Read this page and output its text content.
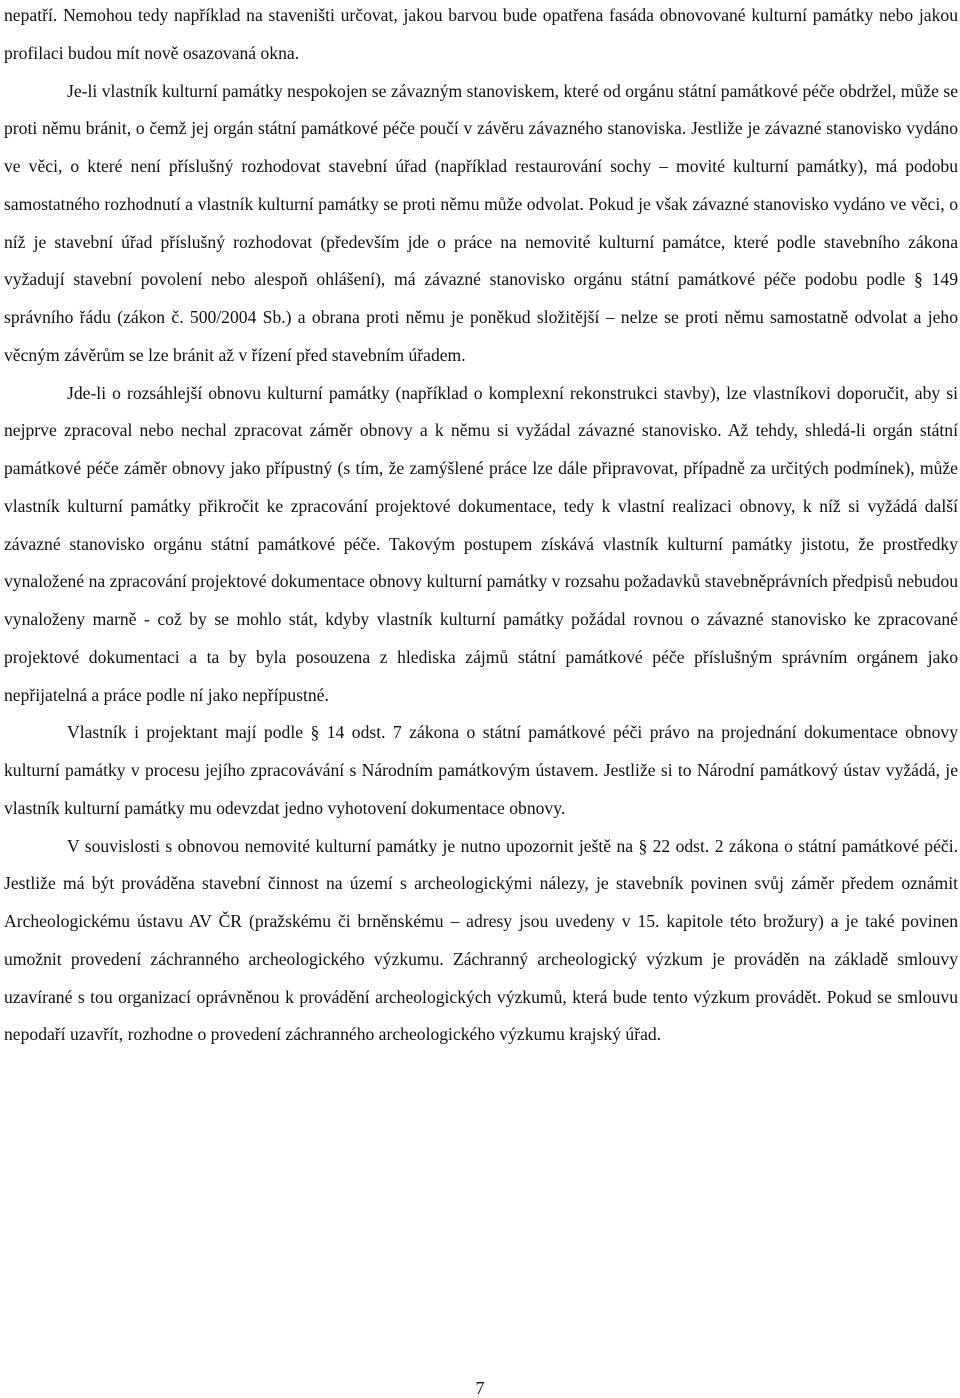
nepatří. Nemohou tedy například na staveništi určovat, jakou barvou bude opatřena fasáda obnovované kulturní památky nebo jakou profilaci budou mít nově osazovaná okna.

Je-li vlastník kulturní památky nespokojen se závazným stanoviskem, které od orgánu státní památkové péče obdržel, může se proti němu bránit, o čemž jej orgán státní památkové péče poučí v závěru závazného stanoviska. Jestliže je závazné stanovisko vydáno ve věci, o které není příslušný rozhodovat stavební úřad (například restaurování sochy – movité kulturní památky), má podobu samostatného rozhodnutí a vlastník kulturní památky se proti němu může odvolat. Pokud je však závazné stanovisko vydáno ve věci, o níž je stavební úřad příslušný rozhodovat (především jde o práce na nemovité kulturní památce, které podle stavebního zákona vyžadují stavební povolení nebo alespoň ohlášení), má závazné stanovisko orgánu státní památkové péče podobu podle § 149 správního řádu (zákon č. 500/2004 Sb.) a obrana proti němu je poněkud složitější – nelze se proti němu samostatně odvolat a jeho věcným závěrům se lze bránit až v řízení před stavebním úřadem.

Jde-li o rozsáhlejší obnovu kulturní památky (například o komplexní rekonstrukci stavby), lze vlastníkovi doporučit, aby si nejprve zpracoval nebo nechal zpracovat záměr obnovy a k němu si vyžádal závazné stanovisko. Až tehdy, shledá-li orgán státní památkové péče záměr obnovy jako přípustný (s tím, že zamýšlené práce lze dále připravovat, případně za určitých podmínek), může vlastník kulturní památky přikročit ke zpracování projektové dokumentace, tedy k vlastní realizaci obnovy, k níž si vyžádá další závazné stanovisko orgánu státní památkové péče. Takovým postupem získává vlastník kulturní památky jistotu, že prostředky vynaložené na zpracování projektové dokumentace obnovy kulturní památky v rozsahu požadavků stavebněprávních předpisů nebudou vynaloženy marně - což by se mohlo stát, kdyby vlastník kulturní památky požádal rovnou o závazné stanovisko ke zpracované projektové dokumentaci a ta by byla posouzena z hlediska zájmů státní památkové péče příslušným správním orgánem jako nepřijatelná a práce podle ní jako nepřípustné.

Vlastník i projektant mají podle § 14 odst. 7 zákona o státní památkové péči právo na projednání dokumentace obnovy kulturní památky v procesu jejího zpracovávání s Národním památkovým ústavem. Jestliže si to Národní památkový ústav vyžádá, je vlastník kulturní památky mu odevzdat jedno vyhotovení dokumentace obnovy.

V souvislosti s obnovou nemovité kulturní památky je nutno upozornit ještě na § 22 odst. 2 zákona o státní památkové péči. Jestliže má být prováděna stavební činnost na území s archeologickými nálezy, je stavebník povinen svůj záměr předem oznámit Archeologickému ústavu AV ČR (pražskému či brněnskému – adresy jsou uvedeny v 15. kapitole této brožury) a je také povinen umožnit provedení záchranného archeologického výzkumu. Záchranný archeologický výzkum je prováděn na základě smlouvy uzavírané s tou organizací oprávněnou k provádění archeologických výzkumů, která bude tento výzkum provádět. Pokud se smlouvu nepodaří uzavřít, rozhodne o provedení záchranného archeologického výzkumu krajský úřad.

7
